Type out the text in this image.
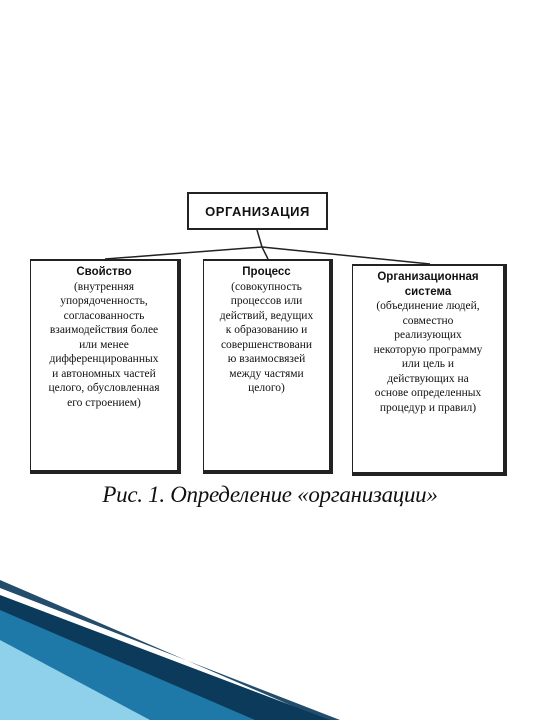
ОРГАНИЗАЦИЯ
Свойство
(внутренняя
упорядоченность,
согласованность
взаимодействия более
или менее
дифференцированных
и автономных частей
целого, обусловленная
его строением)
Процесс
(совокупность
процессов или
действий, ведущих
к образованию и
совершенствовани
ю взаимосвязей
между частями
целого)
Организационная
система
(объединение людей,
совместно
реализующих
некоторую программу
или цель и
действующих на
основе определенных
процедур и правил)
Рис. 1. Определение «организации»
